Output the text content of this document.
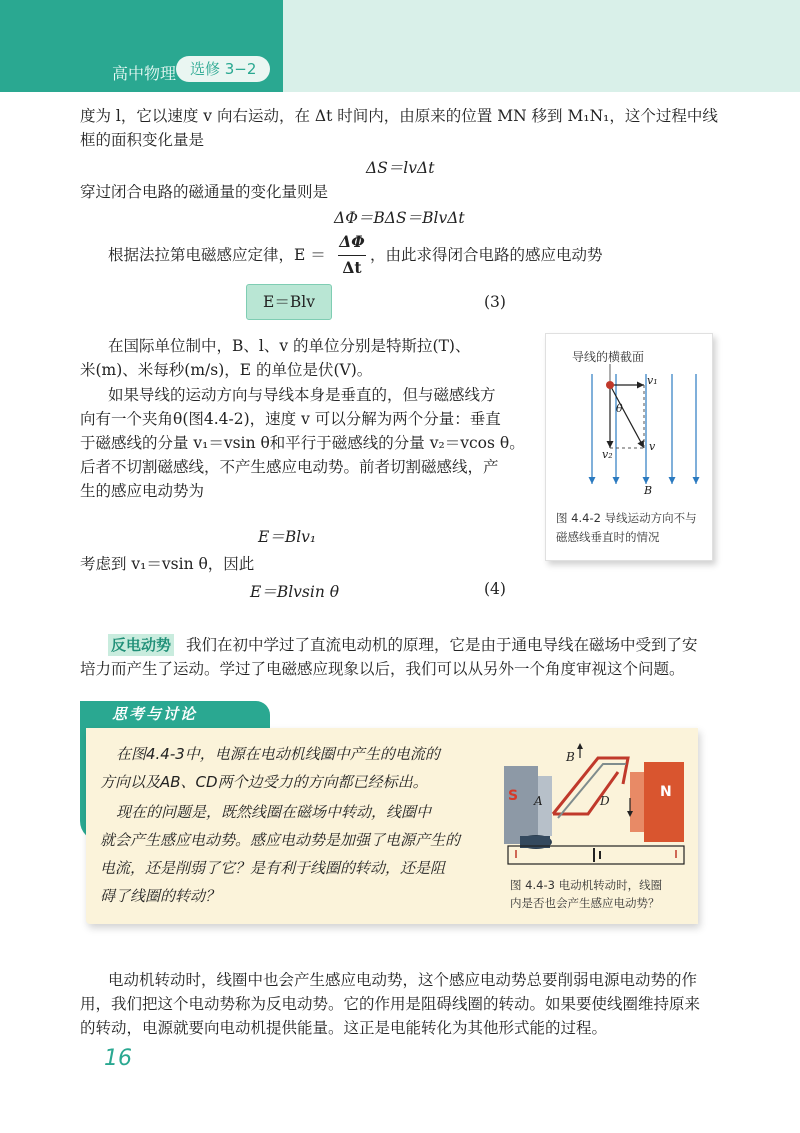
高中物理 选修 3−2
度为 l，它以速度 v 向右运动，在 Δt 时间内，由原来的位置 MN 移到 M₁N₁，这个过程中线
框的面积变化量是
ΔS＝lvΔt
穿过闭合电路的磁通量的变化量则是
ΔΦ＝BΔS＝BlvΔt
根据法拉第电磁感应定律，E ＝
ΔΦ
Δt
，由此求得闭合电路的感应电动势
E＝Blv	(3)
在国际单位制中，B、l、v 的单位分别是特斯拉(T)、
米(m)、米每秒(m/s)，E 的单位是伏(V)。
如果导线的运动方向与导线本身是垂直的，但与磁感线方
向有一个夹角θ(图4.4-2)，速度 v 可以分解为两个分量：垂直
于磁感线的分量 v₁＝vsin θ和平行于磁感线的分量 v₂＝vcos θ。
后者不切割磁感线，不产生感应电动势。前者切割磁感线，产
生的感应电动势为
E＝Blv₁
考虑到 v₁＝vsin θ，因此
E＝Blvsin θ	(4)
导线的横截面
v₁
θ
v₂
v
B
图 4.4-2 导线运动方向不与
磁感线垂直时的情况
反电动势 我们在初中学过了直流电动机的原理，它是由于通电导线在磁场中受到了安
培力而产生了运动。学过了电磁感应现象以后，我们可以从另外一个角度审视这个问题。
思考与讨论
在图4.4-3中，电源在电动机线圈中产生的电流的
方向以及AB、CD两个边受力的方向都已经标出。
现在的问题是，既然线圈在磁场中转动，线圈中
就会产生感应电动势。感应电动势是加强了电源产生的
电流，还是削弱了它？是有利于线圈的转动，还是阻
碍了线圈的转动？
S	N
A
B
D
图 4.4-3 电动机转动时，线圈
内是否也会产生感应电动势？
电动机转动时，线圈中也会产生感应电动势，这个感应电动势总要削弱电源电动势的作
用，我们把这个电动势称为反电动势。它的作用是阻碍线圈的转动。如果要使线圈维持原来
的转动，电源就要向电动机提供能量。这正是电能转化为其他形式能的过程。
16
